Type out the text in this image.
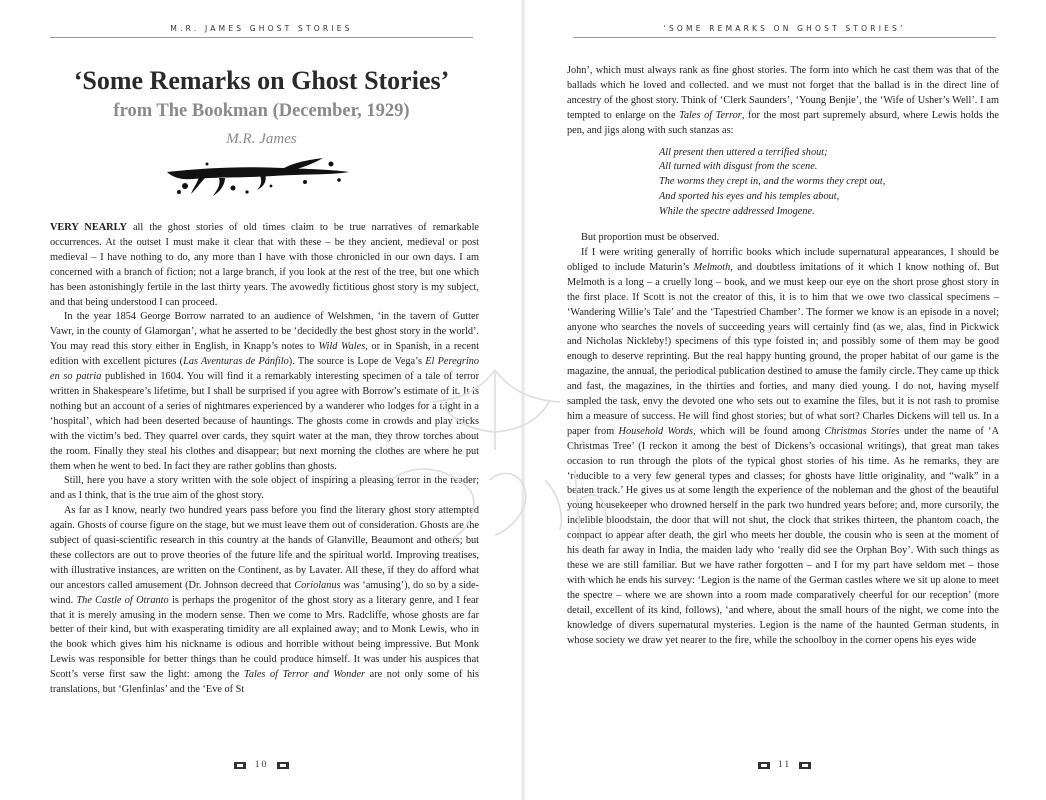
M.R. JAMES GHOST STORIES
‘Some Remarks on Ghost Stories’
from The Bookman (December, 1929)
M.R. James

VERY NEARLY all the ghost stories of old times claim to be true narratives of remarkable occurrences. At the outset I must make it clear that with these – be they ancient, medieval or post medieval – I have nothing to do, any more than I have with those chronicled in our own days. I am concerned with a branch of fiction; not a large branch, if you look at the rest of the tree, but one which has been astonishingly fertile in the last thirty years. The avowedly fictitious ghost story is my subject, and that being understood I can proceed.

In the year 1854 George Borrow narrated to an audience of Welshmen, ‘in the tavern of Gutter Vawr, in the county of Glamorgan’, what he asserted to be ‘decidedly the best ghost story in the world’. You may read this story either in English, in Knapp’s notes to Wild Wales, or in Spanish, in a recent edition with excellent pictures (Las Aventuras de Pánfilo). The source is Lope de Vega’s El Peregrino en so patria published in 1604. You will find it a remarkably interesting specimen of a tale of terror written in Shakespeare’s lifetime, but I shall be surprised if you agree with Borrow’s estimate of it. It is nothing but an account of a series of nightmares experienced by a wanderer who lodges for a night in a ‘hospital’, which had been deserted because of hauntings. The ghosts come in crowds and play tricks with the victim’s bed. They quarrel over cards, they squirt water at the man, they throw torches about the room. Finally they steal his clothes and disappear; but next morning the clothes are where he put them when he went to bed. In fact they are rather goblins than ghosts.

Still, here you have a story written with the sole object of inspiring a pleasing terror in the reader; and as I think, that is the true aim of the ghost story.

As far as I know, nearly two hundred years pass before you find the literary ghost story attempted again. Ghosts of course figure on the stage, but we must leave them out of consideration. Ghosts are the subject of quasi-scientific research in this country at the hands of Glanville, Beaumont and others; but these collectors are out to prove theories of the future life and the spiritual world. Improving treatises, with illustrative instances, are written on the Continent, as by Lavater. All these, if they do afford what our ancestors called amusement (Dr. Johnson decreed that Coriolanus was ‘amusing’), do so by a side-wind. The Castle of Otranto is perhaps the progenitor of the ghost story as a literary genre, and I fear that it is merely amusing in the modern sense. Then we come to Mrs. Radcliffe, whose ghosts are far better of their kind, but with exasperating timidity are all explained away; and to Monk Lewis, who in the book which gives him his nickname is odious and horrible without being impressive. But Monk Lewis was responsible for better things than he could produce himself. It was under his auspices that Scott’s verse first saw the light: among the Tales of Terror and Wonder are not only some of his translations, but ‘Glenfinlas’ and the ‘Eve of St

10
‘SOME REMARKS ON GHOST STORIES’

John’, which must always rank as fine ghost stories. The form into which he cast them was that of the ballads which he loved and collected. and we must not forget that the ballad is in the direct line of ancestry of the ghost story. Think of ‘Clerk Saunders’, ‘Young Benjie’, the ‘Wife of Usher’s Well’. I am tempted to enlarge on the Tales of Terror, for the most part supremely absurd, where Lewis holds the pen, and jigs along with such stanzas as:

All present then uttered a terrified shout;
All turned with disgust from the scene.
The worms they crept in, and the worms they crept out,
And sported his eyes and his temples about,
While the spectre addressed Imogene.

But proportion must be observed.

If I were writing generally of horrific books which include supernatural appearances, I should be obliged to include Maturin’s Melmoth, and doubtless imitations of it which I know nothing of. But Melmoth is a long – a cruelly long – book, and we must keep our eye on the short prose ghost story in the first place. If Scott is not the creator of this, it is to him that we owe two classical specimens – ‘Wandering Willie’s Tale’ and the ‘Tapestried Chamber’. The former we know is an episode in a novel; anyone who searches the novels of succeeding years will certainly find (as we, alas, find in Pickwick and Nicholas Nickleby!) specimens of this type foisted in; and possibly some of them may be good enough to deserve reprinting. But the real happy hunting ground, the proper habitat of our game is the magazine, the annual, the periodical publication destined to amuse the family circle. They came up thick and fast, the magazines, in the thirties and forties, and many died young. I do not, having myself sampled the task, envy the devoted one who sets out to examine the files, but it is not rash to promise him a measure of success. He will find ghost stories; but of what sort? Charles Dickens will tell us. In a paper from Household Words, which will be found among Christmas Stories under the name of ‘A Christmas Tree’ (I reckon it among the best of Dickens’s occasional writings), that great man takes occasion to run through the plots of the typical ghost stories of his time. As he remarks, they are ‘reducible to a very few general types and classes; for ghosts have little originality, and “walk” in a beaten track.’ He gives us at some length the experience of the nobleman and the ghost of the beautiful young housekeeper who drowned herself in the park two hundred years before; and, more cursorily, the indelible bloodstain, the door that will not shut, the clock that strikes thirteen, the phantom coach, the compact to appear after death, the girl who meets her double, the cousin who is seen at the moment of his death far away in India, the maiden lady who ‘really did see the Orphan Boy’. With such things as these we are still familiar. But we have rather forgotten – and I for my part have seldom met – those with which he ends his survey: ‘Legion is the name of the German castles where we sit up alone to meet the spectre – where we are shown into a room made comparatively cheerful for our reception’ (more detail, excellent of its kind, follows), ‘and where, about the small hours of the night, we come into the knowledge of divers supernatural mysteries. Legion is the name of the haunted German students, in whose society we draw yet nearer to the fire, while the schoolboy in the corner opens his eyes wide

11
